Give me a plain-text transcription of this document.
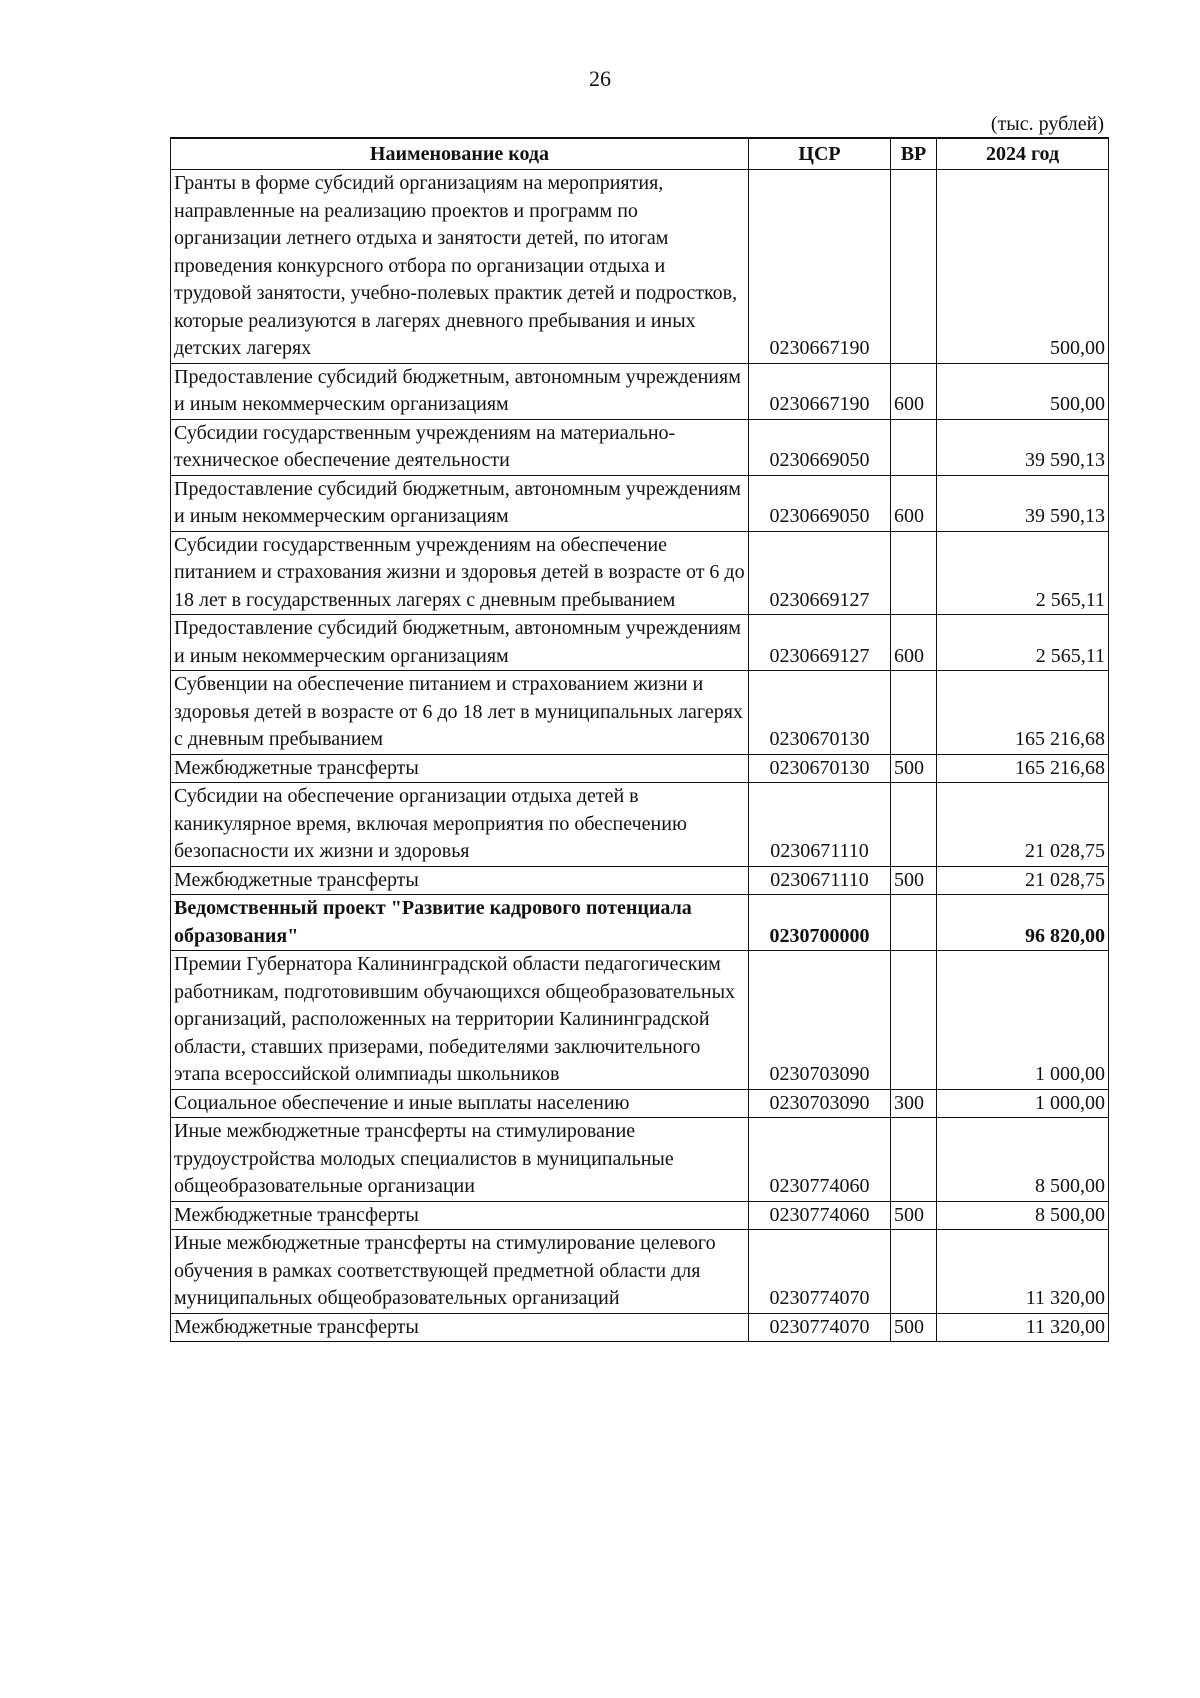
26
(тыс. рублей)
Наименование кода	ЦСР	ВР	2024 год
Гранты в форме субсидий организациям на мероприятия, направленные на реализацию проектов и программ по организации летнего отдыха и занятости детей, по итогам проведения конкурсного отбора по организации отдыха и трудовой занятости, учебно-полевых практик детей и подростков, которые реализуются в лагерях дневного пребывания и иных детских лагерях	0230667190		500,00
Предоставление субсидий бюджетным, автономным учреждениям и иным некоммерческим организациям	0230667190	600	500,00
Субсидии государственным учреждениям на материально-техническое обеспечение деятельности	0230669050		39 590,13
Предоставление субсидий бюджетным, автономным учреждениям и иным некоммерческим организациям	0230669050	600	39 590,13
Субсидии государственным учреждениям на обеспечение питанием и страхования жизни и здоровья детей в возрасте от 6 до 18 лет в государственных лагерях с дневным пребыванием	0230669127		2 565,11
Предоставление субсидий бюджетным, автономным учреждениям и иным некоммерческим организациям	0230669127	600	2 565,11
Субвенции на обеспечение питанием и страхованием жизни и здоровья детей в возрасте от 6 до 18 лет в муниципальных лагерях с дневным пребыванием	0230670130		165 216,68
Межбюджетные трансферты	0230670130	500	165 216,68
Субсидии на обеспечение организации отдыха детей в каникулярное время, включая мероприятия по обеспечению безопасности их жизни и здоровья	0230671110		21 028,75
Межбюджетные трансферты	0230671110	500	21 028,75
Ведомственный проект "Развитие кадрового потенциала образования"	0230700000		96 820,00
Премии Губернатора Калининградской области педагогическим работникам, подготовившим обучающихся общеобразовательных организаций, расположенных на территории Калининградской области, ставших призерами, победителями заключительного этапа всероссийской олимпиады школьников	0230703090		1 000,00
Социальное обеспечение и иные выплаты населению	0230703090	300	1 000,00
Иные межбюджетные трансферты на стимулирование трудоустройства молодых специалистов в муниципальные общеобразовательные организации	0230774060		8 500,00
Межбюджетные трансферты	0230774060	500	8 500,00
Иные межбюджетные трансферты на стимулирование целевого обучения в рамках соответствующей предметной области для муниципальных общеобразовательных организаций	0230774070		11 320,00
Межбюджетные трансферты	0230774070	500	11 320,00
